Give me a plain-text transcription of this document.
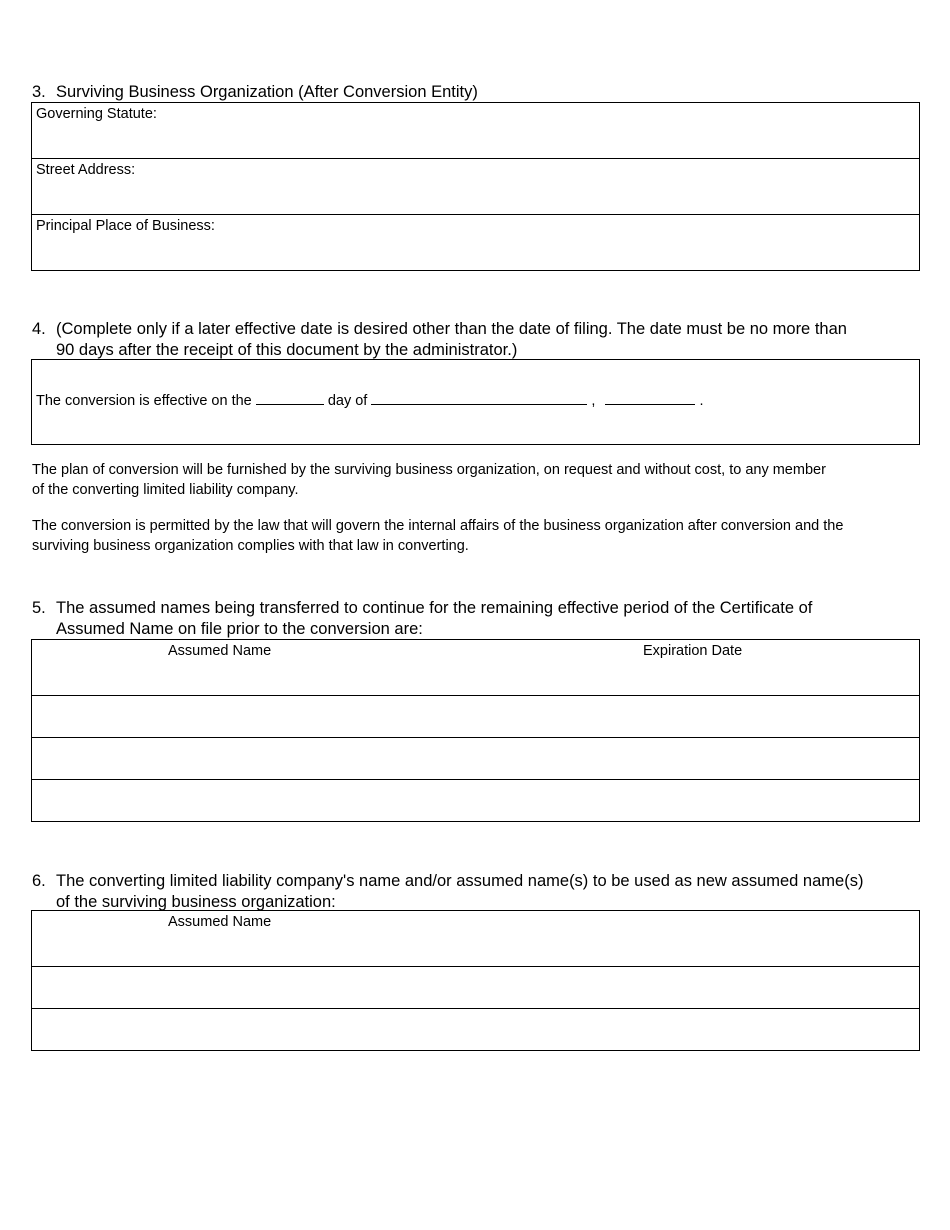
3. Surviving Business Organization (After Conversion Entity)
Governing Statute:
Street Address:
Principal Place of Business:
4. (Complete only if a later effective date is desired other than the date of filing. The date must be no more than
90 days after the receipt of this document by the administrator.)
The conversion is effective on the	day of	,	.
The plan of conversion will be furnished by the surviving business organization, on request and without cost, to any member
of the converting limited liability company.
The conversion is permitted by the law that will govern the internal affairs of the business organization after conversion and the
surviving business organization complies with that law in converting.
5. The assumed names being transferred to continue for the remaining effective period of the Certificate of
Assumed Name on file prior to the conversion are:
Assumed Name	Expiration Date
6. The converting limited liability company's name and/or assumed name(s) to be used as new assumed name(s)
of the surviving business organization:
Assumed Name
